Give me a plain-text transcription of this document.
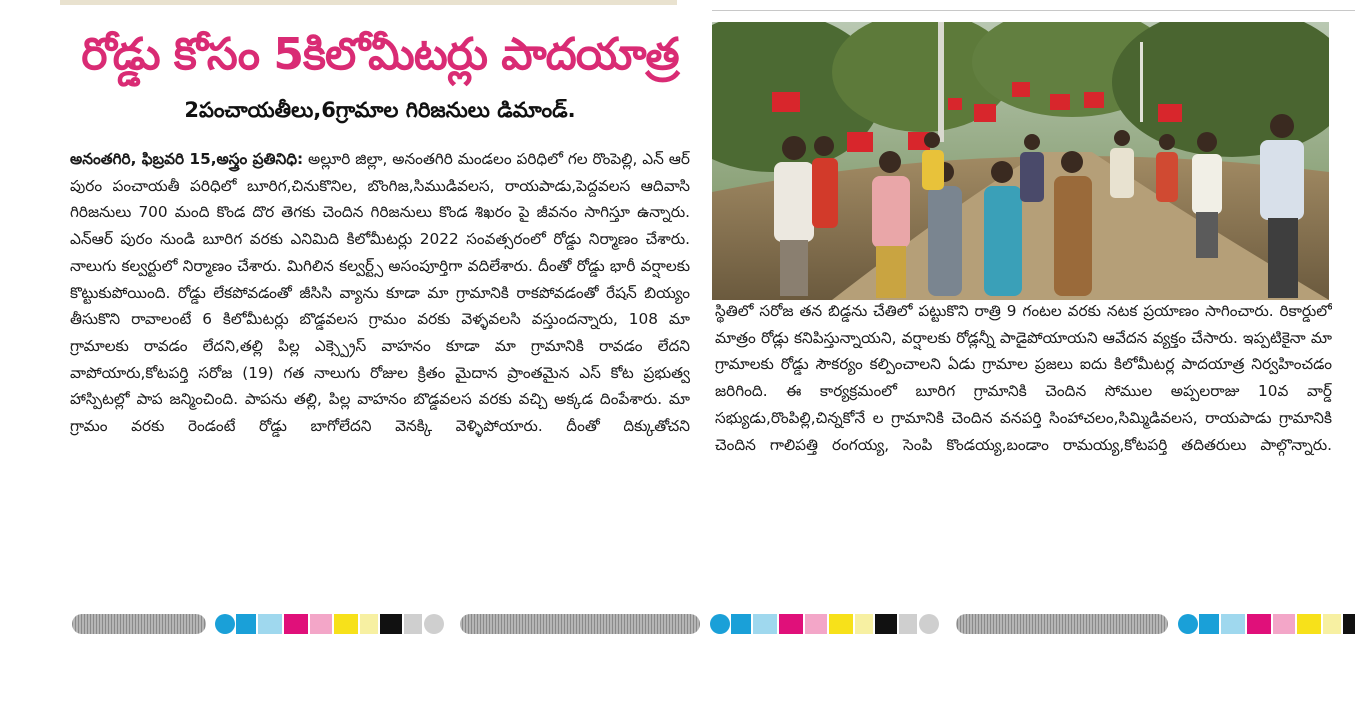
రోడ్డు కోసం 5కిలోమీటర్లు పాదయాత్ర
2పంచాయతీలు,6గ్రామాల గిరిజనులు డిమాండ్.
అనంతగిరి, ఫిబ్రవరి 15,అస్త్రం ప్రతినిధి: అల్లూరి జిల్లా, అనంతగిరి మండలం పరిధిలో గల రొంపెల్లి, ఎన్ ఆర్ పురం పంచాయతీ పరిధిలో బూరిగ,చినుకొనిల, బొంగిజ,సిముడివలస, రాయపాడు,పెద్దవలస ఆదివాసి గిరిజనులు 700 మంది కొండ దొర తెగకు చెందిన గిరిజనులు కొండ శిఖరం పై జీవనం సాగిస్తూ ఉన్నారు. ఎన్ఆర్ పురం నుండి బూరిగ వరకు ఎనిమిది కిలోమీటర్లు 2022 సంవత్సరంలో రోడ్డు నిర్మాణం చేశారు. నాలుగు కల్వర్టులో నిర్మాణం చేశారు. మిగిలిన కల్వర్ట్స్ అసంపూర్తిగా వదిలేశారు. దీంతో రోడ్డు భారీ వర్షాలకు కొట్టుకుపోయింది. రోడ్డు లేకపోవడంతో జీసిసి వ్యాను కూడా మా గ్రామానికి రాకపోవడంతో రేషన్ బియ్యం తీసుకొని రావాలంటే 6 కిలోమీటర్లు బొడ్డవలస గ్రామం వరకు వెళ్ళవలసి వస్తుందన్నారు, 108 మా గ్రామాలకు రావడం లేదని,తల్లి పిల్ల ఎక్స్ప్రెస్ వాహనం కూడా మా గ్రామానికి రావడం లేదని వాపోయారు,కోటపర్తి సరోజ (19) గత నాలుగు రోజుల క్రితం మైదాన ప్రాంతమైన ఎస్ కోట ప్రభుత్వ హాస్పిటల్లో పాప జన్మించింది. పాపను తల్లి, పిల్ల వాహనం బొడ్డవలస వరకు వచ్చి అక్కడ దింపేశారు. మా గ్రామం వరకు రెండంటే రోడ్డు బాగోలేదని వెనక్కి వెళ్ళిపోయారు. దీంతో దిక్కుతోచని
స్థితిలో సరోజ తన బిడ్డను చేతిలో పట్టుకొని రాత్రి 9 గంటల వరకు నటక ప్రయాణం సాగించారు. రికార్డులో మాత్రం రోడ్లు కనిపిస్తున్నాయని, వర్షాలకు రోడ్లన్నీ పాడైపోయాయని ఆవేదన వ్యక్తం చేసారు. ఇప్పటికైనా మా గ్రామాలకు రోడ్డు సౌకర్యం కల్పించాలని ఏడు గ్రామాల ప్రజలు ఐదు కిలోమీటర్ల పాదయాత్ర నిర్వహించడం జరిగింది. ఈ కార్యక్రమంలో బూరిగ గ్రామానికి చెందిన సోముల అప్పలరాజు 10వ వార్డ్ సభ్యుడు,రొంపిల్లి,చిన్నకోనే ల గ్రామానికి చెందిన వనపర్తి సింహాచలం,సిమ్మిడివలస, రాయపాడు గ్రామానికి చెందిన గాలిపత్తి రంగయ్య, సెంపి కొండయ్య,బండాం రామయ్య,కోటపర్తి తదితరులు పాల్గొన్నారు.
